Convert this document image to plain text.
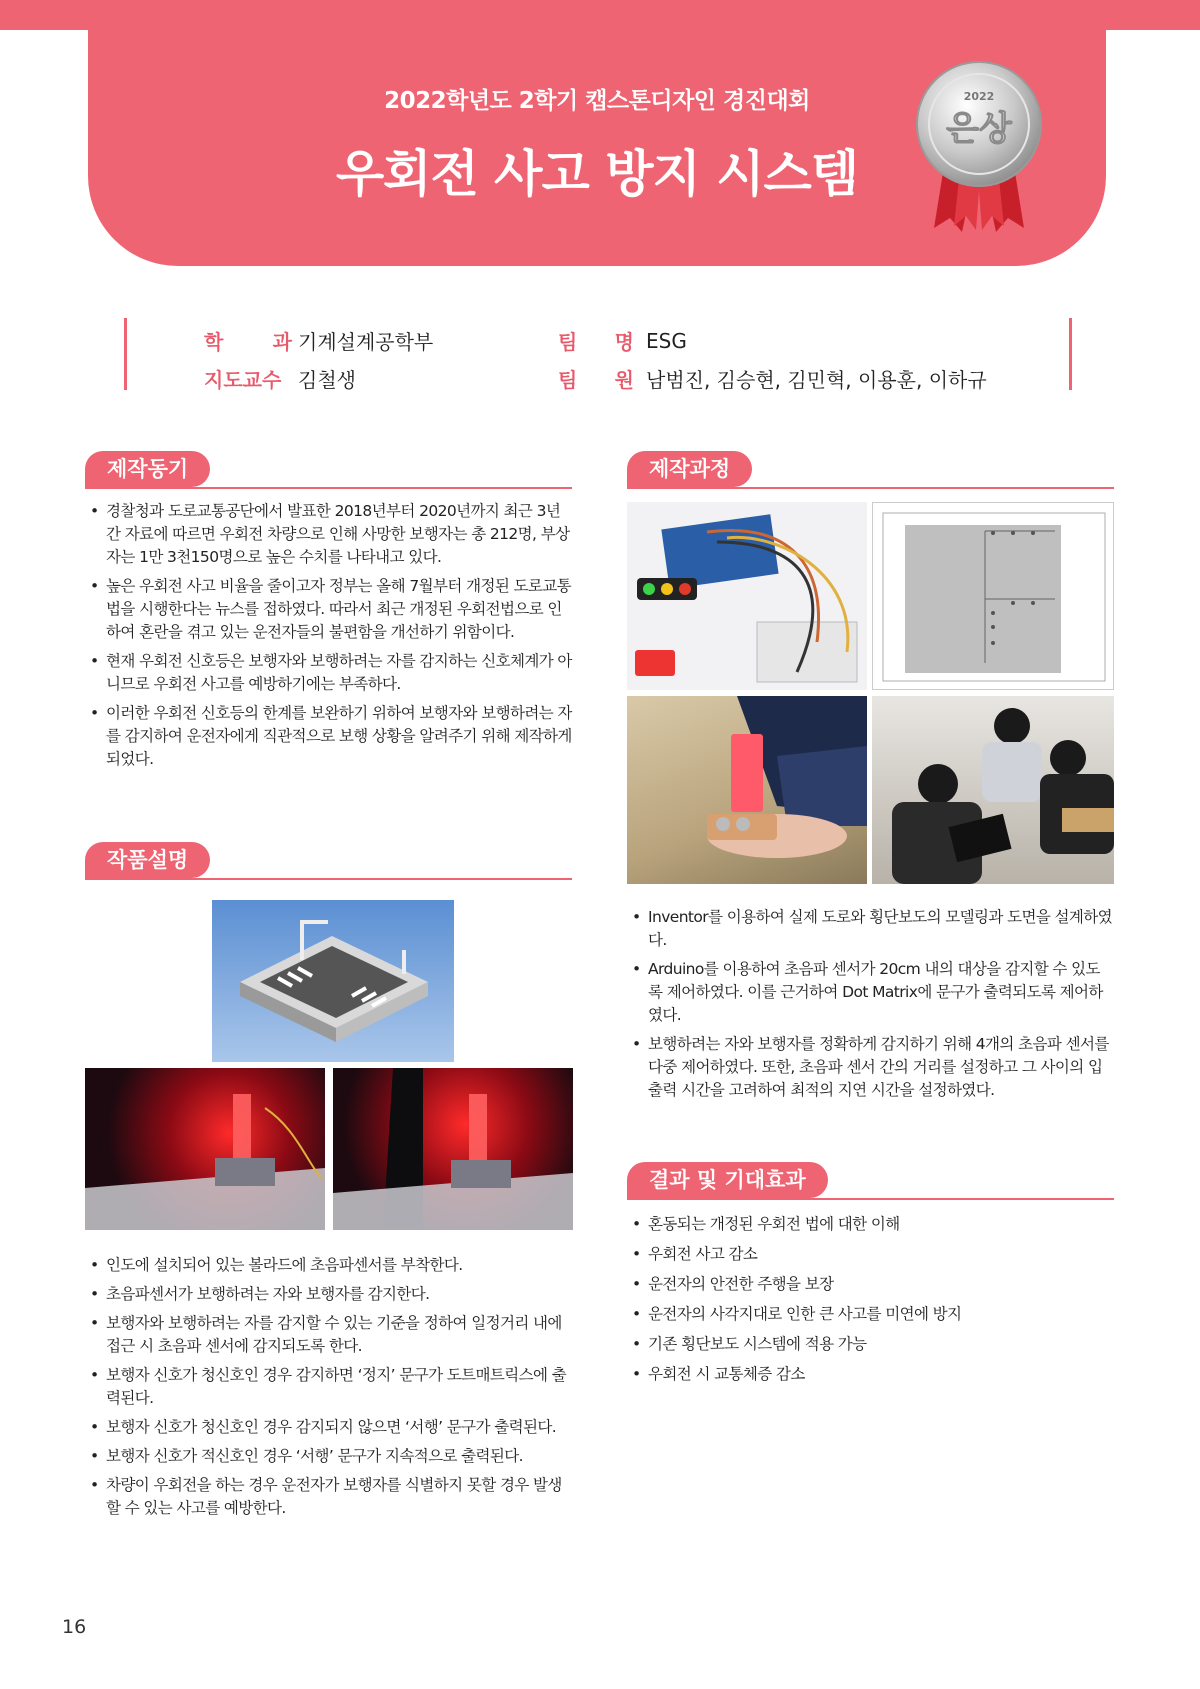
2022학년도 2학기 캡스톤디자인 경진대회
우회전 사고 방지 시스템
2022
은상
학 과 기계설계공학부
지도교수 김철생
팀 명 ESG
팀 원 남범진, 김승현, 김민혁, 이용훈, 이하규
제작동기
• 경찰청과 도로교통공단에서 발표한 2018년부터 2020년까지 최근 3년간 자료에 따르면 우회전 차량으로 인해 사망한 보행자는 총 212명, 부상자는 1만 3천150명으로 높은 수치를 나타내고 있다.
• 높은 우회전 사고 비율을 줄이고자 정부는 올해 7월부터 개정된 도로교통법을 시행한다는 뉴스를 접하였다. 따라서 최근 개정된 우회전법으로 인하여 혼란을 겪고 있는 운전자들의 불편함을 개선하기 위함이다.
• 현재 우회전 신호등은 보행자와 보행하려는 자를 감지하는 신호체계가 아니므로 우회전 사고를 예방하기에는 부족하다.
• 이러한 우회전 신호등의 한계를 보완하기 위하여 보행자와 보행하려는 자를 감지하여 운전자에게 직관적으로 보행 상황을 알려주기 위해 제작하게 되었다.
작품설명
• 인도에 설치되어 있는 볼라드에 초음파센서를 부착한다.
• 초음파센서가 보행하려는 자와 보행자를 감지한다.
• 보행자와 보행하려는 자를 감지할 수 있는 기준을 정하여 일정거리 내에 접근 시 초음파 센서에 감지되도록 한다.
• 보행자 신호가 청신호인 경우 감지하면 ‘정지’ 문구가 도트매트릭스에 출력된다.
• 보행자 신호가 청신호인 경우 감지되지 않으면 ‘서행’ 문구가 출력된다.
• 보행자 신호가 적신호인 경우 ‘서행’ 문구가 지속적으로 출력된다.
• 차량이 우회전을 하는 경우 운전자가 보행자를 식별하지 못할 경우 발생할 수 있는 사고를 예방한다.
제작과정
• Inventor를 이용하여 실제 도로와 횡단보도의 모델링과 도면을 설계하였다.
• Arduino를 이용하여 초음파 센서가 20cm 내의 대상을 감지할 수 있도록 제어하였다. 이를 근거하여 Dot Matrix에 문구가 출력되도록 제어하였다.
• 보행하려는 자와 보행자를 정확하게 감지하기 위해 4개의 초음파 센서를 다중 제어하였다. 또한, 초음파 센서 간의 거리를 설정하고 그 사이의 입출력 시간을 고려하여 최적의 지연 시간을 설정하였다.
결과 및 기대효과
• 혼동되는 개정된 우회전 법에 대한 이해
• 우회전 사고 감소
• 운전자의 안전한 주행을 보장
• 운전자의 사각지대로 인한 큰 사고를 미연에 방지
• 기존 횡단보도 시스템에 적용 가능
• 우회전 시 교통체증 감소
16
